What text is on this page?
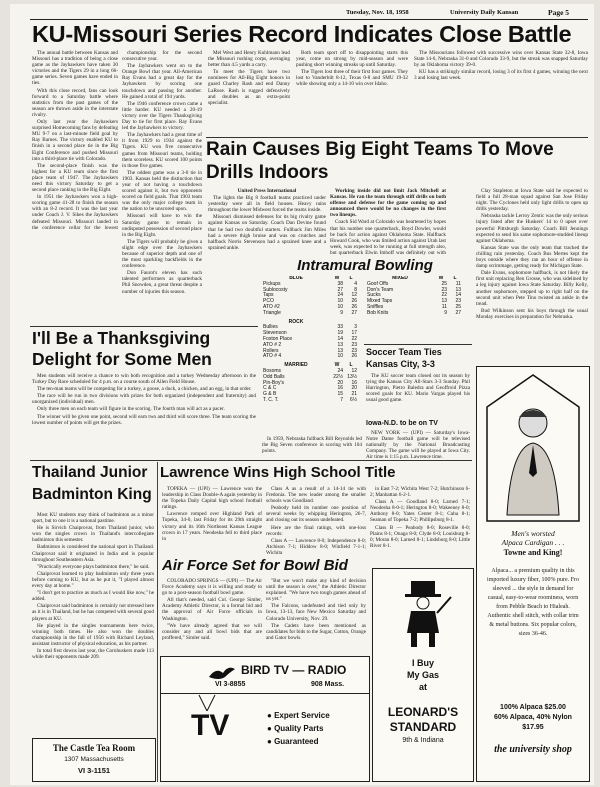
Tuesday, Nov. 18, 1958	University Daily Kansan	Page 5
KU-Missouri Series Record Indicates Close Battle

The annual battle between Kansas and Missouri has a tradition of being a close game as the Jayhawkers have taken 30 victories and the Tigers 29 in a long 66-game series. Seven games have ended in ties.

With this close record, fans can look forward to a Saturday battle where statistics from the past games of the season are thrown aside in the interstate rivalry.

Only last year the Jayhawkers surprised Homecoming fans by defeating MU 9-7 on a last-minute field goal by Ray Barnes. The victory enabled KU to finish in a second place tie in the Big Eight Conference and pushed Missouri into a third-place tie with Colorado.

The second-place finish was the highest for a KU team since the first place team of 1947. The Jayhawkers need this victory Saturday to get a second place ranking in the Big Eight.

In 1951 the Jayhawkers won a high-scoring game 41-28 to finish the season with an 8-2 record. It was the last year under Coach J. V. Sikes the Jayhawkers defeated Missouri. Missouri landed in the conference cellar for the lowest

championship for the second consecutive year.

The Jayhawkers went on to the Orange Bowl that year. All-American Ray Evans had a great day for the Jayhawkers by scoring one touchdown and passing for another. He gained a total of 194 yards.

The 1946 conference crown came a little harder. KU needed a 20-19 victory over the Tigers Thanksgiving Day to tie for first place. Ray Evans led the Jayhawkers to victory.

The Jayhawkers had a great time of it from 1929 to 1934 against the Tigers. KU won five consecutive games from Missouri teams, holding them scoreless. KU scored 100 points in those five games.

The oddest game was a 3-0 tie in 1903. Kansas held the distinction that year of not having a touchdown scored against it, but two opponents scored on field goals. That 1903 team was the only major college team in the nation to be unscored upon.

Missouri will have to win the Saturday game to remain in undisputed possession of second place in the Big Eight.

The Tigers will probably be given a slight edge over the Jayhawkers because of superior depth and one of the most sparkling backfields in the conference.

Don Faurot's eleven has such talented performers as quarterback Phil Snowden, a great threat despite a number of injuries this season.

Mel West and Henry Kuhlmann lead the Missouri rushing corps, averaging better than 4.5 yards a carry.

To meet the Tigers have two nominees for All-Big Eight honors in guard Charley Rash and end Danny LaRose. Rash is rugged defensively and doubles as an extra-point specialist.

Both team sport off to disappointing starts this year, come on strong by mid-season and were pushing short winning streaks up until Saturday.

The Tigers lost three of their first four games. They lost to Vanderbilt 8-12, Texas 0-8 and SMU 19-32 while showing only a 14-10 win over Idaho.

The Missourians followed with successive wins over Kansas State 32-8, Iowa State 14-6, Nebraska 31-0 and Colorado 33-9, but the streak was snapped Saturday by an Oklahoma victory 39-0.

KU has a strikingly similar record, losing 3 of its first 4 games, winning the next 3 and losing last week.

Rain Causes Big Eight Teams To Move Drills Indoors

United Press International

The lights the Big 8 football teams practiced under yesterday were all in field houses. Heavy rains throughout the lower Midwest forced the teams inside.

Missouri dismissed defenses for its big rivalry game against Kansas on Saturday. Coach Dan Devine found that he had two doubtful starters. Fullback Jim Miles had a severe thigh bruise and was on crutches and halfback Norris Stevenson had a sprained knee and a sprained ankle.

Working inside did not limit Jack Mitchell at Kansas. He ran the team through stiff drills on both offense and defense for the game coming up and announced there would be no changes in the first two lineups.

Coach Sid Ward at Colorado was heartened by hopes that his number one quarterback, Boyd Dowler, would be back for action against Oklahoma State. Halfback Howard Cook, who was limited action against Utah last week, was expected to be running at full strength also, but quarterback Elwin Imhoff was definitely out with

Clay Stapleton at Iowa State said he expected to field a full 28-man squad against San Jose Friday night. The Cyclones held only light drills to open up drills yesterday.

Nebraska tackle Lerroy Zentic was the only serious injury listed after the Huskers' 14 to 0 upset over powerful Pittsburgh Saturday. Coach Bill Jennings expected to send his same sophomore-studded lineup against Oklahoma.

Kansas State was the only team that tracked the chilling rain yesterday. Coach Bus Mertes kept the boys outside where they ran an hour of offense in damp scrimmage, getting ready for Michigan State.

Dale Evans, sophomore halfback, is not likely the first unit replacing Ben Grosse, who was sidelined by a leg injury against Iowa State Saturday. Billy Kelly, another sophomore, stepped up to right half on the second unit when Pete Tino twisted an ankle in the tread.

Bud Wilkinson sent his boys through the usual Monday exercises in preparation for Nebraska.

Intramural Bowling
BLUE	W	L
Pickups	38	4
Sublocosty	27	8
Taps	24	12
PCO	10	26
ATO #2	10	26
Triangle	9	27
ROCK		
Bullies	33	3
Stevenson	19	17
Foxton Place	14	22
ATO # 2	13	23
Rollers	13	23
ATO # 4	10	26
MARRIED	W	L
Bosoms	24	12
Odd Balls	22½	13½
Pin-Boy's	20	16
C & C	16	20
G & B	15	21
T. C. T.	7	6½
MIXED	W	L
Goof Offs	25	11
Don's Team	23	13
Sucks	22	14
Mixed Taps	13	23
Sniffles	11	25
Bob Knits	9	27
In 1959, Nebraska fullback Bill Reynolds led the Big Seven conference in scoring with 104 points.
Soccer Team Ties Kansas City, 3-3
The KU soccer team closed out its season by tying the Kansas City All-Stars 3-3 Sunday. Phil Harrington, Pietro Baledra and Geoffroid Pizza scored goals for KU. Mario Vargas played his usual good game.
Iowa-N.D. to be on TV
NEW YORK — (UPI) — Saturday's Iowa-Notre Dame football game will be televised nationally by the National Broadcasting Company. The game will be played at Iowa City. Air time is 1:15 p.m. Lawrence time.
I'll Be a Thanksgiving Delight for Some Men

Men students will receive a chance to win both recognition and a turkey Wednesday afternoon in the Turkey Day Race scheduled for 4 p.m. on a course south of Allen Field House.

The ten-man teams will be competing for a turkey, a goose, a duck, a chicken, and an egg, in that order.

The race will be run in two divisions with prizes for both organized (independent and fraternity) and unorganized (individual) men.

Only three men on each team will figure in the scoring. The fourth man will act as a pacer.

The winner will be given one point, second will earn two and third will score three. The team scoring the lowest number of points will get the prizes.

Thailand Junior Badminton King

Most KU students may think of badminton as a minor sport, but to one it is a national pastime.

He is Sirvich Chaiprovat, from Thailand junior, who won the singles crown in Thailand's intercollegiate badminton this semester.

Badminton is considered the national sport in Thailand. Chaiprovat said it originated in India and is popular throughout Southeastern Asia.

"Practically everyone plays badminton there," he said.

Chaiprovat learned to play badminton only three years before coming to KU, but as he put it, "I played almost every day at home."

"I don't get to practice as much as I would like now," he added.

Chaiprovat said badminton is certainly not stressed here as it is in Thailand, but he has competed with several good players at KU.

He played in the singles tournaments here twice, winning both times. He also won the doubles championship in the fall of 1956 with Richard Leyland, assistant instructor of physical education, as his partner.

In total first downs last year, the Cornhuskers made 113 while their opponents made 209.

The Castle Tea Room
1307 Massachusetts
VI 3-1151
Lawrence Wins High School Title

TOPEKA — (UPI) — Lawrence won the leadership in Class Double-A again yesterday in the Topeka Daily Capital high school football ratings.

Lawrence romped over Highland Park of Topeka, 34-0, last Friday for its 29th straight victory and its 16th Northeast Kansas League crown in 17 years. Neodesha fell to third place in

Class A as a result of a 14-14 tie with Fredonia. The new leader among the smaller schools was Goodland.

Peabody held its number one position of several weeks by whipping Herington, 26-7, and closing out its season undefeated.

Here are the final ratings, with one-loss records:

Class A — Lawrence 8-0; Independence 8-0; Atchison 7-1; Hiddow 8-0; Winfield 7-1-1; Wichita

in East 7-2; Wichita West 7-2; Hutchinson 6-2; Manhattan 6-2-1.

Class A — Goodland 8-0; Larned 7-1; Neodesha 8-0-1; Herington 8-0; Wakeeney 8-0; Anthony 8-0; Yates Center 8-1; Cuba 8-1; Seaman of Topeka 7-2; Phillipsburg 8-1.

Class B — Peabody 8-0; Roseville 8-0; Plains 8-1; Onaga 8-0; Clyde 8-0; Louisburg 8-0; Moran 8-0; Larned 8-1; Lindsborg 8-0; Little River 8-1.

Air Force Set for Bowl Bid

COLORADO SPRINGS — (UPI) — The Air Force Academy says it is willing and ready to go to a post-season football bowl game.

All that's needed, said Col. George Simler, Academy Athletic Director, is a formal bid and the approval of Air Force officials in Washington.

"We have already agreed that we will consider any and all bowl bids that are proffered," Simler said.

"But we won't make any kind of decision until the season is over," the Athletic Director explained. "We have two tough games ahead of us yet."

The Falcons, undefeated and tied only by Iowa, 13-13, face New Mexico Saturday and Colorado University, Nov. 29.

The Cadets have been mentioned as candidates for bids to the Sugar, Cotton, Orange and Gator bowls.

BIRD TV — RADIO
VI 3-8855	908 Mass.
TV	● Expert Service
● Quality Parts
● Guaranteed
I Buy
My Gas
at
LEONARD'S
STANDARD
9th & Indiana
Men's worsted
Alpaca Cardigan . . .
Towne and King!
Alpaca... a premium quality in this imported luxury fiber, 100% pure. Fro sleeved ... the style in demand for casual, easy-to-wear roominess, worn from Pebble Beach to Hialeah. Authentic shell stitch, with collar trim & metal buttons. Six popular colors, sizes 36-46.
100% Alpaca $25.00
60% Alpaca, 40% Nylon
$17.95
the university shop
